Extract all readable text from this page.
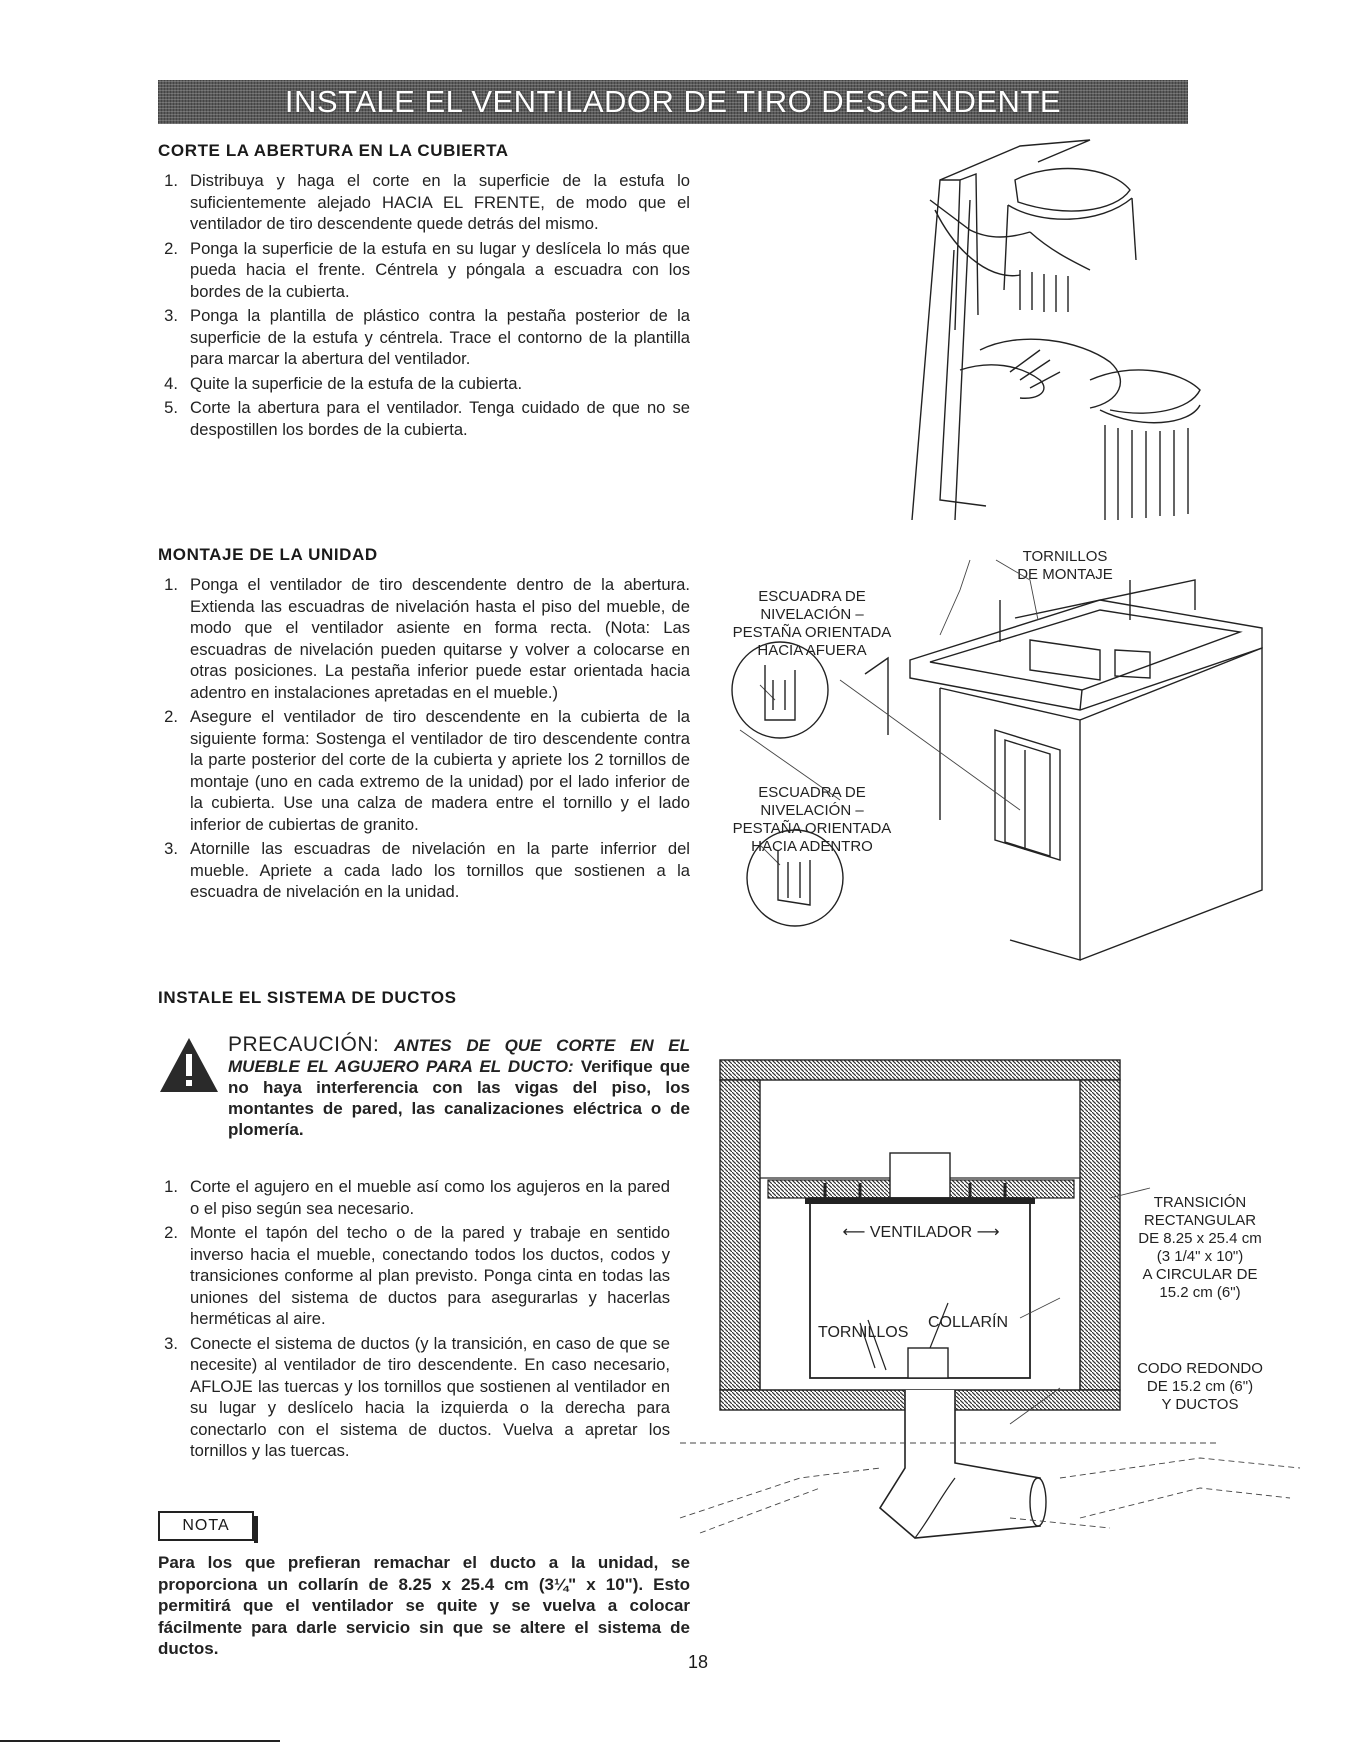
INSTALE EL VENTILADOR DE TIRO DESCENDENTE
CORTE LA ABERTURA EN LA CUBIERTA
1. Distribuya y haga el corte en la superficie de la estufa lo suficientemente alejado HACIA EL FRENTE, de modo que el ventilador de tiro descendente quede detrás del mismo.
2. Ponga la superficie de la estufa en su lugar y deslícela lo más que pueda hacia el frente. Céntrela y póngala a escuadra con los bordes de la cubierta.
3. Ponga la plantilla de plástico contra la pestaña posterior de la superficie de la estufa y céntrela. Trace el contorno de la plantilla para marcar la abertura del ventilador.
4. Quite la superficie de la estufa de la cubierta.
5. Corte la abertura para el ventilador. Tenga cuidado de que no se despostillen los bordes de la cubierta.
MONTAJE DE LA UNIDAD
1. Ponga el ventilador de tiro descendente dentro de la abertura. Extienda las escuadras de nivelación hasta el piso del mueble, de modo que el ventilador asiente en forma recta. (Nota: Las escuadras de nivelación pueden quitarse y volver a colocarse en otras posiciones. La pestaña inferior puede estar orientada hacia adentro en instalaciones apretadas en el mueble.)
2. Asegure el ventilador de tiro descendente en la cubierta de la siguiente forma: Sostenga el ventilador de tiro descendente contra la parte posterior del corte de la cubierta y apriete los 2 tornillos de montaje (uno en cada extremo de la unidad) por el lado inferior de la cubierta. Use una calza de madera entre el tornillo y el lado inferior de cubiertas de granito.
3. Atornille las escuadras de nivelación en la parte inferrior del mueble. Apriete a cada lado los tornillos que sostienen a la escuadra de nivelación en la unidad.
TORNILLOS
DE MONTAJE
ESCUADRA DE
NIVELACIÓN –
PESTAÑA ORIENTADA
HACIA AFUERA
ESCUADRA DE
NIVELACIÓN –
PESTAÑA ORIENTADA
HACIA ADENTRO
INSTALE EL SISTEMA DE DUCTOS
PRECAUCIÓN: ANTES DE QUE CORTE EN EL MUEBLE EL AGUJERO PARA EL DUCTO: Verifique que no haya interferencia con las vigas del piso, los montantes de pared, las canalizaciones eléctrica o de plomería.
1. Corte el agujero en el mueble así como los agujeros en la pared o el piso según sea necesario.
2. Monte el tapón del techo o de la pared y trabaje en sentido inverso hacia el mueble, conectando todos los ductos, codos y transiciones conforme al plan previsto. Ponga cinta en todas las uniones del sistema de ductos para asegurarlas y hacerlas herméticas al aire.
3. Conecte el sistema de ductos (y la transición, en caso de que se necesite) al ventilador de tiro descendente. En caso necesario, AFLOJE las tuercas y los tornillos que sostienen al ventilador en su lugar y deslícelo hacia la izquierda o la derecha para conectarlo con el sistema de ductos. Vuelva a apretar los tornillos y las tuercas.
⟵ VENTILADOR ⟶
TORNILLOS
COLLARÍN
TRANSICIÓN
RECTANGULAR
DE 8.25 x 25.4 cm
(3 1/4" x 10")
A CIRCULAR DE
15.2 cm (6")
CODO REDONDO
DE 15.2 cm (6")
Y DUCTOS
NOTA
Para los que prefieran remachar el ducto a la unidad, se proporciona un collarín de 8.25 x 25.4 cm (3¼" x 10"). Esto permitirá que el ventilador se quite y se vuelva a colocar fácilmente para darle servicio sin que se altere el sistema de ductos.
18
